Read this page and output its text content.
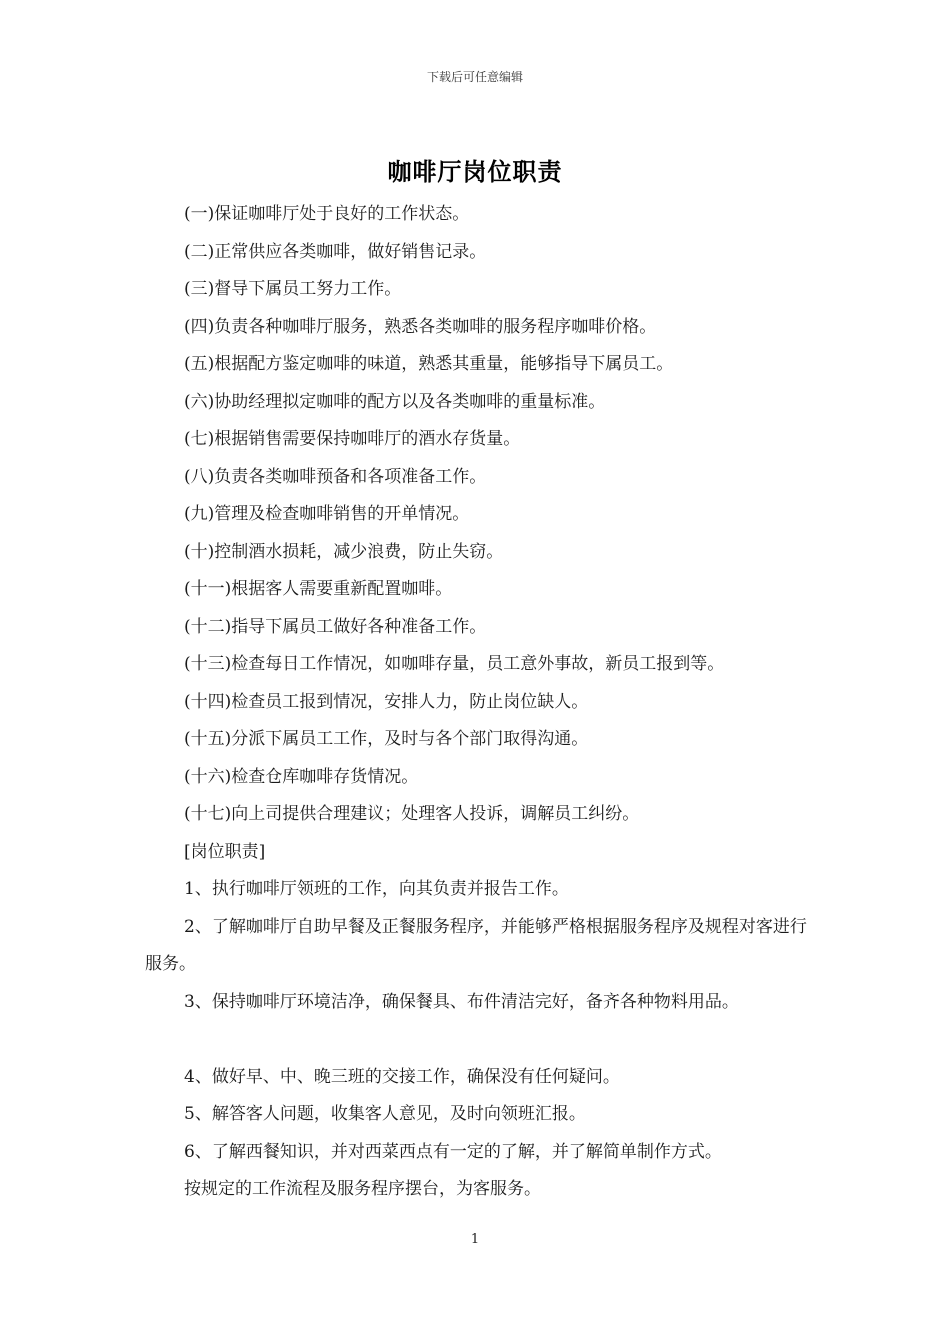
下载后可任意编辑
咖啡厅岗位职责

(一)保证咖啡厅处于良好的工作状态。

(二)正常供应各类咖啡，做好销售记录。

(三)督导下属员工努力工作。

(四)负责各种咖啡厅服务，熟悉各类咖啡的服务程序咖啡价格。

(五)根据配方鉴定咖啡的味道，熟悉其重量，能够指导下属员工。

(六)协助经理拟定咖啡的配方以及各类咖啡的重量标准。

(七)根据销售需要保持咖啡厅的酒水存货量。

(八)负责各类咖啡预备和各项准备工作。

(九)管理及检查咖啡销售的开单情况。

(十)控制酒水损耗，减少浪费，防止失窃。

(十一)根据客人需要重新配置咖啡。

(十二)指导下属员工做好各种准备工作。

(十三)检查每日工作情况，如咖啡存量，员工意外事故，新员工报到等。

(十四)检查员工报到情况，安排人力，防止岗位缺人。

(十五)分派下属员工工作，及时与各个部门取得沟通。

(十六)检查仓库咖啡存货情况。

(十七)向上司提供合理建议；处理客人投诉，调解员工纠纷。

[岗位职责]

1、执行咖啡厅领班的工作，向其负责并报告工作。

2、了解咖啡厅自助早餐及正餐服务程序，并能够严格根据服务程序及规程对客进行服务。

3、保持咖啡厅环境洁净，确保餐具、布件清洁完好，备齐各种物料用品。

4、做好早、中、晚三班的交接工作，确保没有任何疑问。

5、解答客人问题，收集客人意见，及时向领班汇报。

6、了解西餐知识，并对西菜西点有一定的了解，并了解简单制作方式。

按规定的工作流程及服务程序摆台，为客服务。

1
